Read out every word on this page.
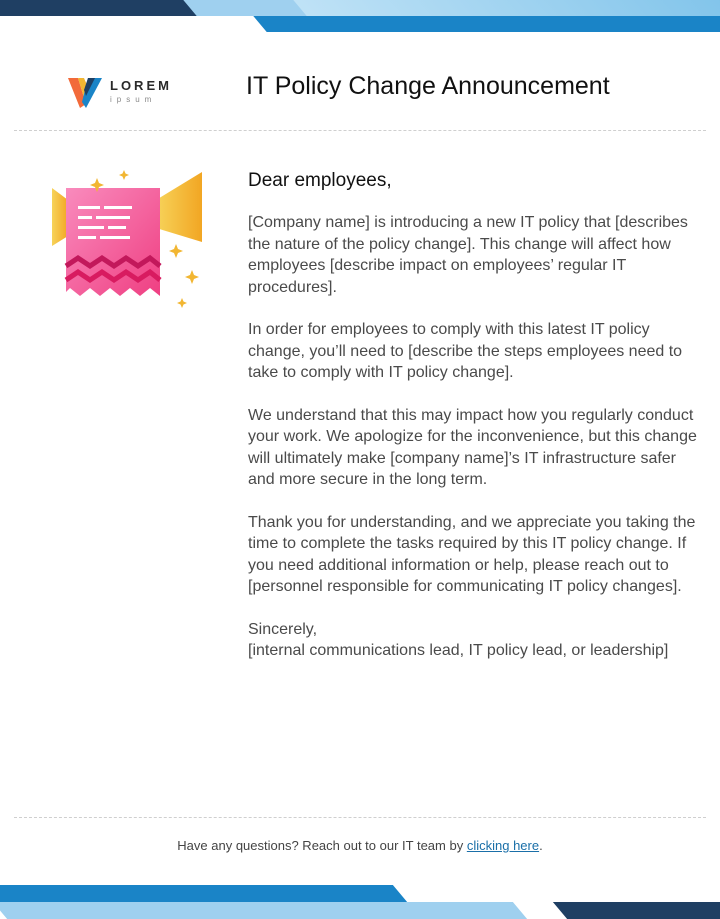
LOREM
ipsum	IT Policy Change Announcement
Dear employees,

[Company name] is introducing a new IT policy that [describes the nature of the policy change]. This change will affect how employees [describe impact on employees’ regular IT procedures].

In order for employees to comply with this latest IT policy change, you’ll need to [describe the steps employees need to take to comply with IT policy change].

We understand that this may impact how you regularly conduct your work. We apologize for the inconvenience, but this change will ultimately make [company name]’s IT infrastructure safer and more secure in the long term.

Thank you for understanding, and we appreciate you taking the time to complete the tasks required by this IT policy change. If you need additional information or help, please reach out to [personnel responsible for communicating IT policy changes].

Sincerely,
[internal communications lead, IT policy lead, or leadership]
Have any questions? Reach out to our IT team by clicking here.
